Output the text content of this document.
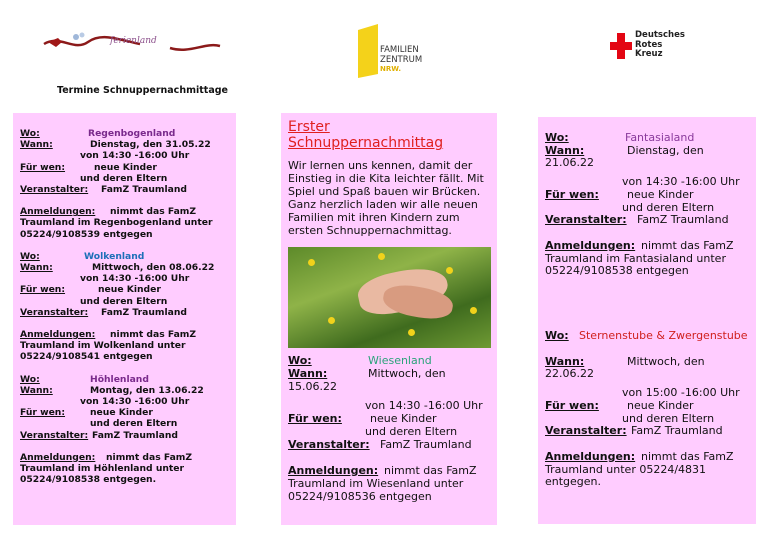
ferienland
Termine Schnuppernachmittage
FAMILIEN
ZENTRUM
NRW.
Deutsches
Rotes
Kreuz
Wo:	Regenbogenland
Wann:	Dienstag, den 31.05.22
von 14:30 -16:00 Uhr
Für wen:	neue Kinder
und deren Eltern
Veranstalter:	FamZ Traumland
Anmeldungen:	nimmt das FamZ
Traumland im Regenbogenland unter
05224/9108539 entgegen
Wo:	Wolkenland
Wann:	Mittwoch, den 08.06.22
von 14:30 -16:00 Uhr
Für wen:	neue Kinder
und deren Eltern
Veranstalter:	FamZ Traumland
Anmeldungen:	nimmt das FamZ
Traumland im Wolkenland unter
05224/9108541 entgegen
Wo:	Höhlenland
Wann:	Montag, den 13.06.22
von 14:30 -16:00 Uhr
Für wen:	neue Kinder
und deren Eltern
Veranstalter: FamZ Traumland
Anmeldungen:	nimmt das FamZ
Traumland im Höhlenland unter
05224/9108538 entgegen.
Erster
Schnuppernachmittag
Wir lernen uns kennen, damit der Einstieg in die Kita leichter fällt. Mit Spiel und Spaß bauen wir Brücken. Ganz herzlich laden wir alle neuen Familien mit ihren Kindern zum ersten Schnuppernachmittag.
Wo:	Wiesenland
Wann:	Mittwoch, den
15.06.22
von 14:30 -16:00 Uhr
Für wen:	neue Kinder
und deren Eltern
Veranstalter: FamZ Traumland
Anmeldungen: nimmt das FamZ
Traumland im Wiesenland unter
05224/9108536 entgegen
Wo:	Fantasialand
Wann:	Dienstag, den
21.06.22
von 14:30 -16:00 Uhr
Für wen:	neue Kinder
und deren Eltern
Veranstalter: FamZ Traumland
Anmeldungen: nimmt das FamZ
Traumland im Fantasialand unter
05224/9108538 entgegen
Wo: Sternenstube & Zwergenstube
Wann:	Mittwoch, den
22.06.22
von 15:00 -16:00 Uhr
Für wen:	neue Kinder
und deren Eltern
Veranstalter: FamZ Traumland
Anmeldungen: nimmt das FamZ
Traumland unter 05224/4831
entgegen.
